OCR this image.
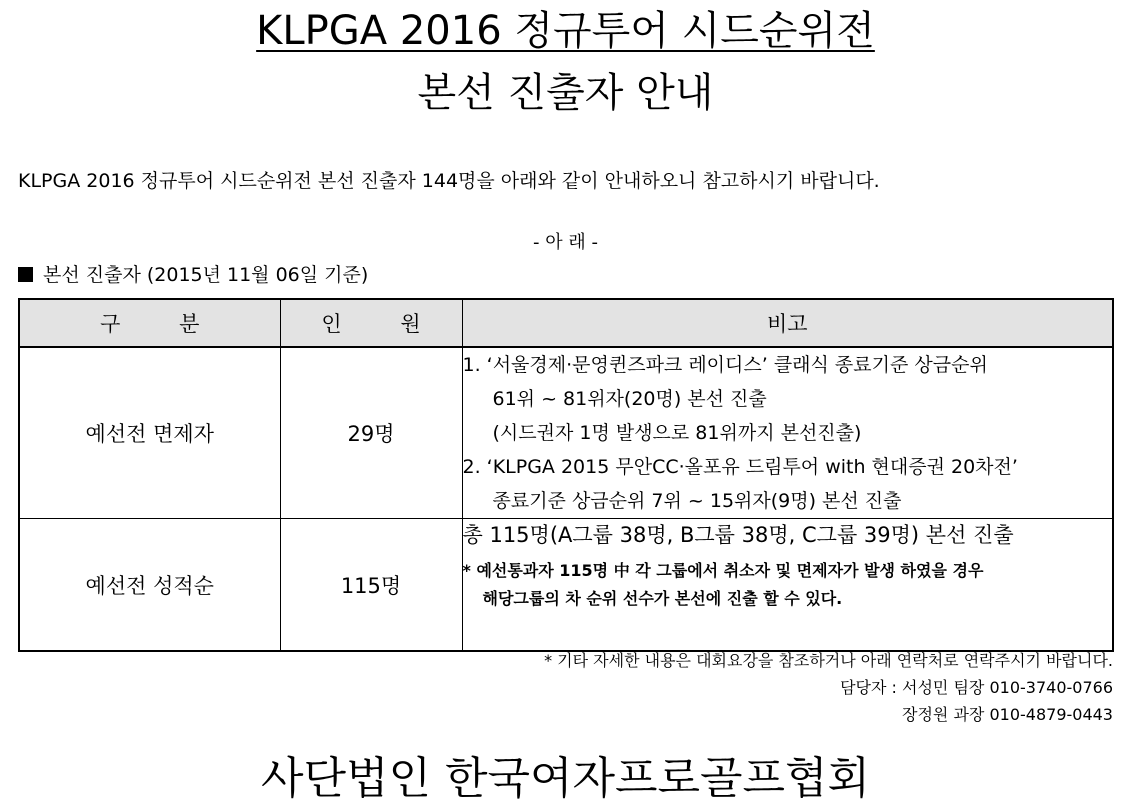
KLPGA 2016 정규투어 시드순위전
본선 진출자 안내
KLPGA 2016 정규투어 시드순위전 본선 진출자 144명을 아래와 같이 안내하오니 참고하시기 바랍니다.
- 아 래 -
본선 진출자 (2015년 11월 06일 기준)
구 분	인 원	비고
예선전 면제자	29명	1. ‘서울경제·문영퀸즈파크 레이디스’ 클래식 종료기준 상금순위
61위 ~ 81위자(20명) 본선 진출
(시드권자 1명 발생으로 81위까지 본선진출)
2. ‘KLPGA 2015 무안CC·올포유 드림투어 with 현대증권 20차전’
종료기준 상금순위 7위 ~ 15위자(9명) 본선 진출

예선전 성적순	115명	총 115명(A그룹 38명, B그룹 38명, C그룹 39명) 본선 진출
* 예선통과자 115명 中 각 그룹에서 취소자 및 면제자가 발생 하였을 경우
해당그룹의 차 순위 선수가 본선에 진출 할 수 있다.
* 기타 자세한 내용은 대회요강을 참조하거나 아래 연락처로 연락주시기 바랍니다.
담당자 : 서성민 팀장 010-3740-0766
장정원 과장 010-4879-0443
사단법인 한국여자프로골프협회
